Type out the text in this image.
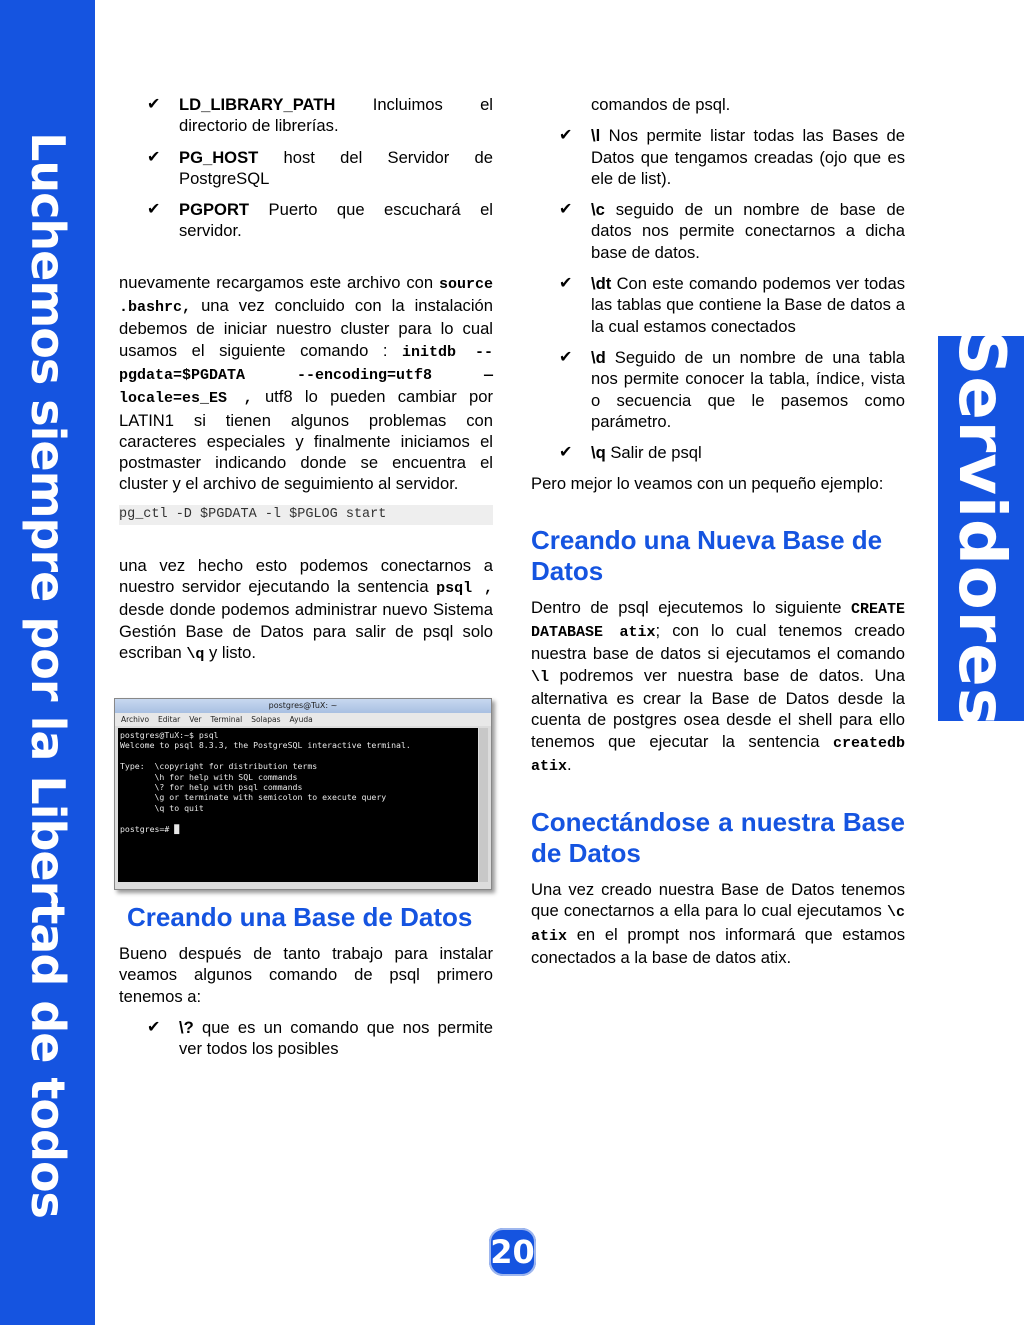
Luchemos siempre por la Libertad de todos	Servidores
✔ LD_LIBRARY_PATH Incluimos el directorio de librerías.
✔ PG_HOST host del Servidor de PostgreSQL
✔ PGPORT Puerto que escuchará el servidor.

nuevamente recargamos este archivo con source .bashrc, una vez concluido con la instalación debemos de iniciar nuestro cluster para lo cual usamos el siguiente comando : initdb --pgdata=$PGDATA --encoding=utf8 —locale=es_ES , utf8 lo pueden cambiar por LATIN1 si tienen algunos problemas con caracteres especiales y finalmente iniciamos el postmaster indicando donde se encuentra el cluster y el archivo de seguimiento al servidor.

pg_ctl -D $PGDATA -l $PGLOG start

una vez hecho esto podemos conectarnos a nuestro servidor ejecutando la sentencia psql , desde donde podemos administrar nuevo Sistema Gestión Base de Datos para salir de psql solo escriban \q y listo.

postgres@TuX: ~
Archivo Editar Ver Terminal Solapas Ayuda
postgres@TuX:~$ psql
Welcome to psql 8.3.3, the PostgreSQL interactive terminal.

Type:  \copyright for distribution terms
\h for help with SQL commands
\? for help with psql commands
\g or terminate with semicolon to execute query
\q to quit

postgres=# █
Creando una Base de Datos

Bueno después de tanto trabajo para instalar veamos algunos comando de psql primero tenemos a:

✔ \? que es un comando que nos permite ver todos los posibles
comandos de psql.
✔ \l Nos permite listar todas las Bases de Datos que tengamos creadas (ojo que es ele de list).
✔ \c seguido de un nombre de base de datos nos permite conectarnos a dicha base de datos.
✔ \dt Con este comando podemos ver todas las tablas que contiene la Base de datos a la cual estamos conectados
✔ \d Seguido de un nombre de una tabla nos permite conocer la tabla, índice, vista o secuencia que le pasemos como parámetro.
✔ \q Salir de psql

Pero mejor lo veamos con un pequeño ejemplo:

Creando una Nueva Base de Datos

Dentro de psql ejecutemos lo siguiente CREATE DATABASE atix; con lo cual tenemos creado nuestra base de datos si ejecutamos el comando \l podremos ver nuestra base de datos. Una alternativa es crear la Base de Datos desde la cuenta de postgres osea desde el shell para ello tenemos que ejecutar la sentencia createdb atix.

Conectándose a nuestra Base de Datos

Una vez creado nuestra Base de Datos tenemos que conectarnos a ella para lo cual ejecutamos \c atix en el prompt nos informará que estamos conectados a la base de datos atix.

20
